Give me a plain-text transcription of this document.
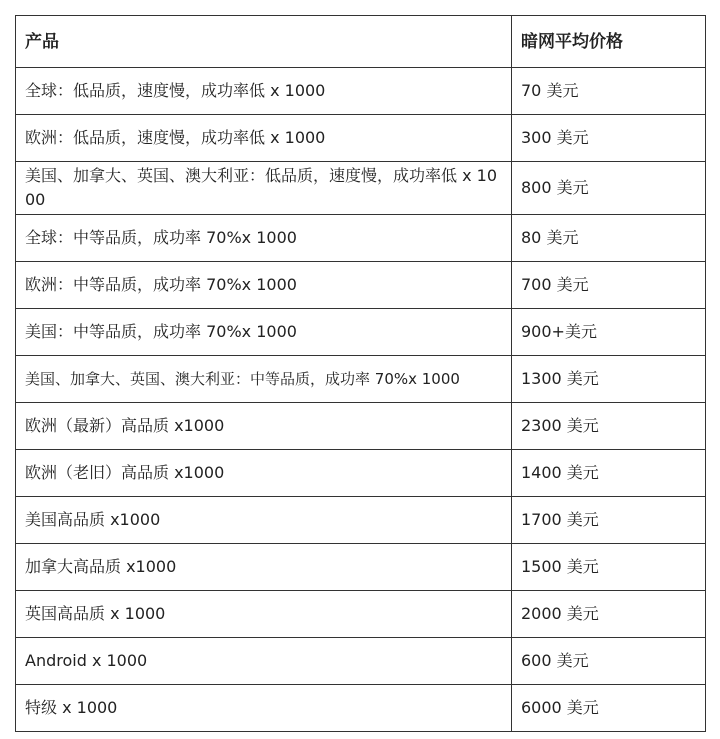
产品	暗网平均价格
全球：低品质，速度慢，成功率低 x 1000	70 美元
欧洲：低品质，速度慢，成功率低 x 1000	300 美元
美国、加拿大、英国、澳大利亚：低品质，速度慢，成功率低 x 1000	800 美元
全球：中等品质，成功率 70%x 1000	80 美元
欧洲：中等品质，成功率 70%x 1000	700 美元
美国：中等品质，成功率 70%x 1000	900+美元
美国、加拿大、英国、澳大利亚：中等品质，成功率 70%x 1000	1300 美元
欧洲（最新）高品质 x1000	2300 美元
欧洲（老旧）高品质 x1000	1400 美元
美国高品质 x1000	1700 美元
加拿大高品质 x1000	1500 美元
英国高品质 x 1000	2000 美元
Android x 1000	600 美元
特级 x 1000	6000 美元
